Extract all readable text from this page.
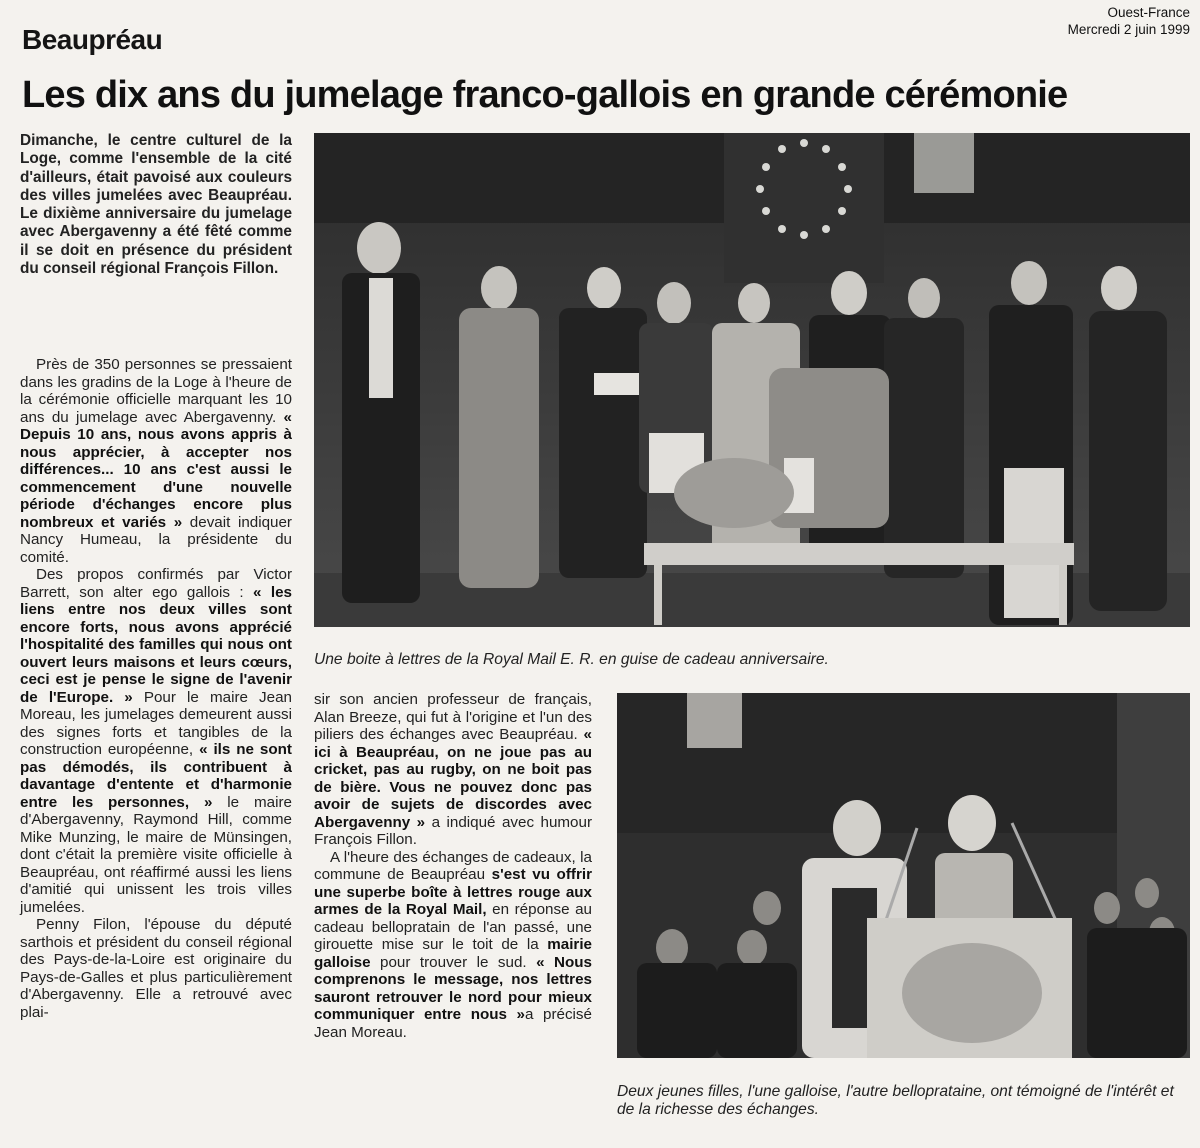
Ouest-France
Mercredi 2 juin 1999
Beaupréau
Les dix ans du jumelage franco-gallois en grande cérémonie
Dimanche, le centre culturel de la Loge, comme l'ensemble de la cité d'ailleurs, était pavoisé aux couleurs des villes jumelées avec Beaupréau. Le dixième anniversaire du jumelage avec Abergavenny a été fêté comme il se doit en présence du président du conseil régional François Fillon.

Près de 350 personnes se pressaient dans les gradins de la Loge à l'heure de la cérémonie officielle marquant les 10 ans du jumelage avec Abergavenny. « Depuis 10 ans, nous avons appris à nous apprécier, à accepter nos différences... 10 ans c'est aussi le commencement d'une nouvelle période d'échanges encore plus nombreux et variés » devait indiquer Nancy Humeau, la présidente du comité.

Des propos confirmés par Victor Barrett, son alter ego gallois : « les liens entre nos deux villes sont encore forts, nous avons apprécié l'hospitalité des familles qui nous ont ouvert leurs maisons et leurs cœurs, ceci est je pense le signe de l'avenir de l'Europe. » Pour le maire Jean Moreau, les jumelages demeurent aussi des signes forts et tangibles de la construction européenne, « ils ne sont pas démodés, ils contribuent à davantage d'entente et d'harmonie entre les personnes, » le maire d'Abergavenny, Raymond Hill, comme Mike Munzing, le maire de Münsingen, dont c'était la première visite officielle à Beaupréau, ont réaffirmé aussi les liens d'amitié qui unissent les trois villes jumelées.

Penny Filon, l'épouse du député sarthois et président du conseil régional des Pays-de-la-Loire est originaire du Pays-de-Galles et plus particulièrement d'Abergavenny. Elle a retrouvé avec plai-

sir son ancien professeur de français, Alan Breeze, qui fut à l'origine et l'un des piliers des échanges avec Beaupréau. « ici à Beaupréau, on ne joue pas au cricket, pas au rugby, on ne boit pas de bière. Vous ne pouvez donc pas avoir de sujets de discordes avec Abergavenny » a indiqué avec humour François Fillon.

A l'heure des échanges de cadeaux, la commune de Beaupréau s'est vu offrir une superbe boîte à lettres rouge aux armes de la Royal Mail, en réponse au cadeau bellopratain de l'an passé, une girouette mise sur le toit de la mairie galloise pour trouver le sud. « Nous comprenons le message, nos lettres sauront retrouver le nord pour mieux communiquer entre nous »a précisé Jean Moreau.

Une boite à lettres de la Royal Mail E. R. en guise de cadeau anniversaire.
Deux jeunes filles, l'une galloise, l'autre belloprataine, ont témoigné de l'intérêt et de la richesse des échanges.
